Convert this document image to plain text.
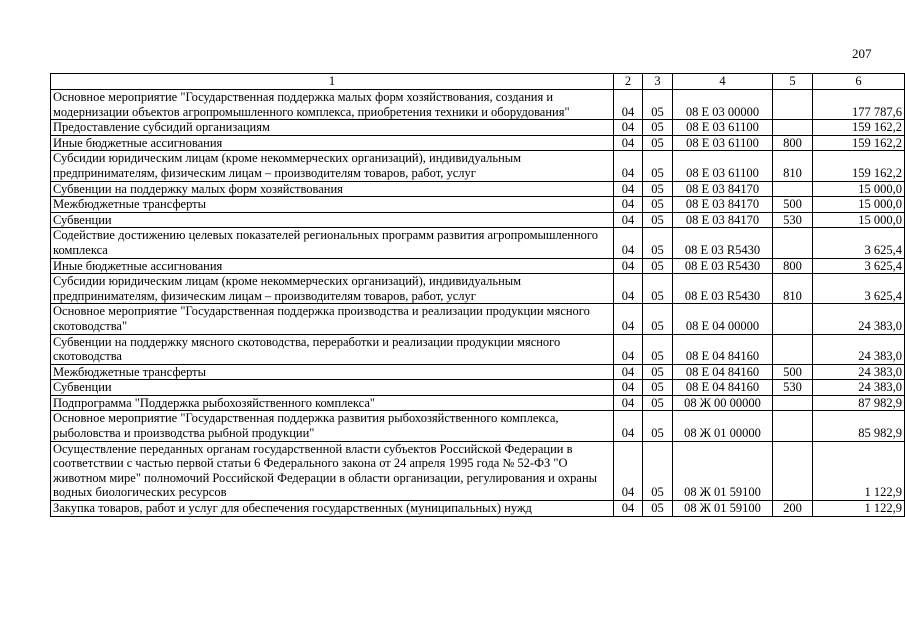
207
1	2	3	4	5	6
Основное мероприятие "Государственная поддержка малых форм хозяйствования, создания и модернизации объектов агропромышленного комплекса, приобретения техники и оборудования"	04	05	08 Е 03 00000		177 787,6
Предоставление субсидий организациям	04	05	08 Е 03 61100		159 162,2
Иные бюджетные ассигнования	04	05	08 Е 03 61100	800	159 162,2
Субсидии юридическим лицам (кроме некоммерческих организаций), индивидуальным предпринимателям, физическим лицам – производителям товаров, работ, услуг	04	05	08 Е 03 61100	810	159 162,2
Субвенции на поддержку малых форм хозяйствования	04	05	08 Е 03 84170		15 000,0
Межбюджетные трансферты	04	05	08 Е 03 84170	500	15 000,0
Субвенции	04	05	08 Е 03 84170	530	15 000,0
Содействие достижению целевых показателей региональных программ развития агропромышленного комплекса	04	05	08 Е 03 R5430		3 625,4
Иные бюджетные ассигнования	04	05	08 Е 03 R5430	800	3 625,4
Субсидии юридическим лицам (кроме некоммерческих организаций), индивидуальным предпринимателям, физическим лицам – производителям товаров, работ, услуг	04	05	08 Е 03 R5430	810	3 625,4
Основное мероприятие "Государственная поддержка производства и реализации продукции мясного скотоводства"	04	05	08 Е 04 00000		24 383,0
Субвенции на поддержку мясного скотоводства, переработки и реализации продукции мясного скотоводства	04	05	08 Е 04 84160		24 383,0
Межбюджетные трансферты	04	05	08 Е 04 84160	500	24 383,0
Субвенции	04	05	08 Е 04 84160	530	24 383,0
Подпрограмма "Поддержка рыбохозяйственного комплекса"	04	05	08 Ж 00 00000		87 982,9
Основное мероприятие "Государственная поддержка развития рыбохозяйственного комплекса, рыболовства и производства рыбной продукции"	04	05	08 Ж 01 00000		85 982,9
Осуществление переданных органам государственной власти субъектов Российской Федерации в соответствии с частью первой статьи 6 Федерального закона от 24 апреля 1995 года № 52-ФЗ "О животном мире" полномочий Российской Федерации в области организации, регулирования и охраны водных биологических ресурсов	04	05	08 Ж 01 59100		1 122,9
Закупка товаров, работ и услуг для обеспечения государственных (муниципальных) нужд	04	05	08 Ж 01 59100	200	1 122,9
